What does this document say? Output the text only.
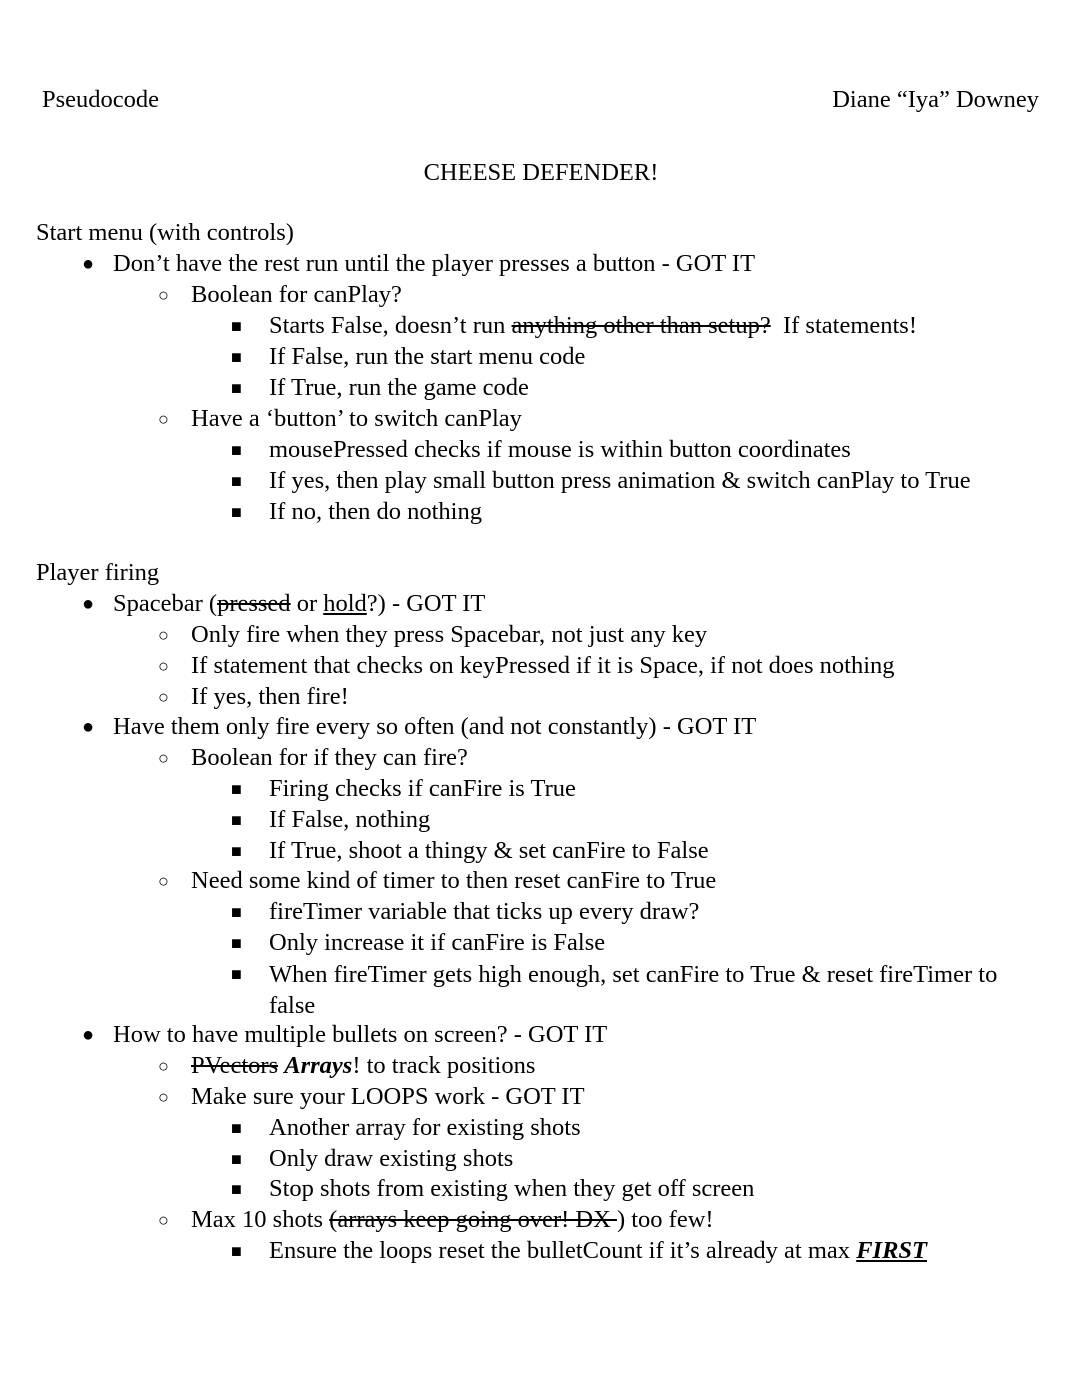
Pseudocode	Diane “Iya” Downey
CHEESE DEFENDER!
Start menu (with controls)
● Don’t have the rest run until the player presses a button - GOT IT
○ Boolean for canPlay?
■ Starts False, doesn’t run anything other than setup?  If statements!
■ If False, run the start menu code
■ If True, run the game code
○ Have a ‘button’ to switch canPlay
■ mousePressed checks if mouse is within button coordinates
■ If yes, then play small button press animation & switch canPlay to True
■ If no, then do nothing
Player firing
● Spacebar (pressed or hold?) - GOT IT
○ Only fire when they press Spacebar, not just any key
○ If statement that checks on keyPressed if it is Space, if not does nothing
○ If yes, then fire!
● Have them only fire every so often (and not constantly) - GOT IT
○ Boolean for if they can fire?
■ Firing checks if canFire is True
■ If False, nothing
■ If True, shoot a thingy & set canFire to False
○ Need some kind of timer to then reset canFire to True
■ fireTimer variable that ticks up every draw?
■ Only increase it if canFire is False
■ When fireTimer gets high enough, set canFire to True & reset fireTimer to false
● How to have multiple bullets on screen? - GOT IT
○ PVectors Arrays! to track positions
○ Make sure your LOOPS work - GOT IT
■ Another array for existing shots
■ Only draw existing shots
■ Stop shots from existing when they get off screen
○ Max 10 shots (arrays keep going over! DX ) too few!
■ Ensure the loops reset the bulletCount if it’s already at max FIRST
